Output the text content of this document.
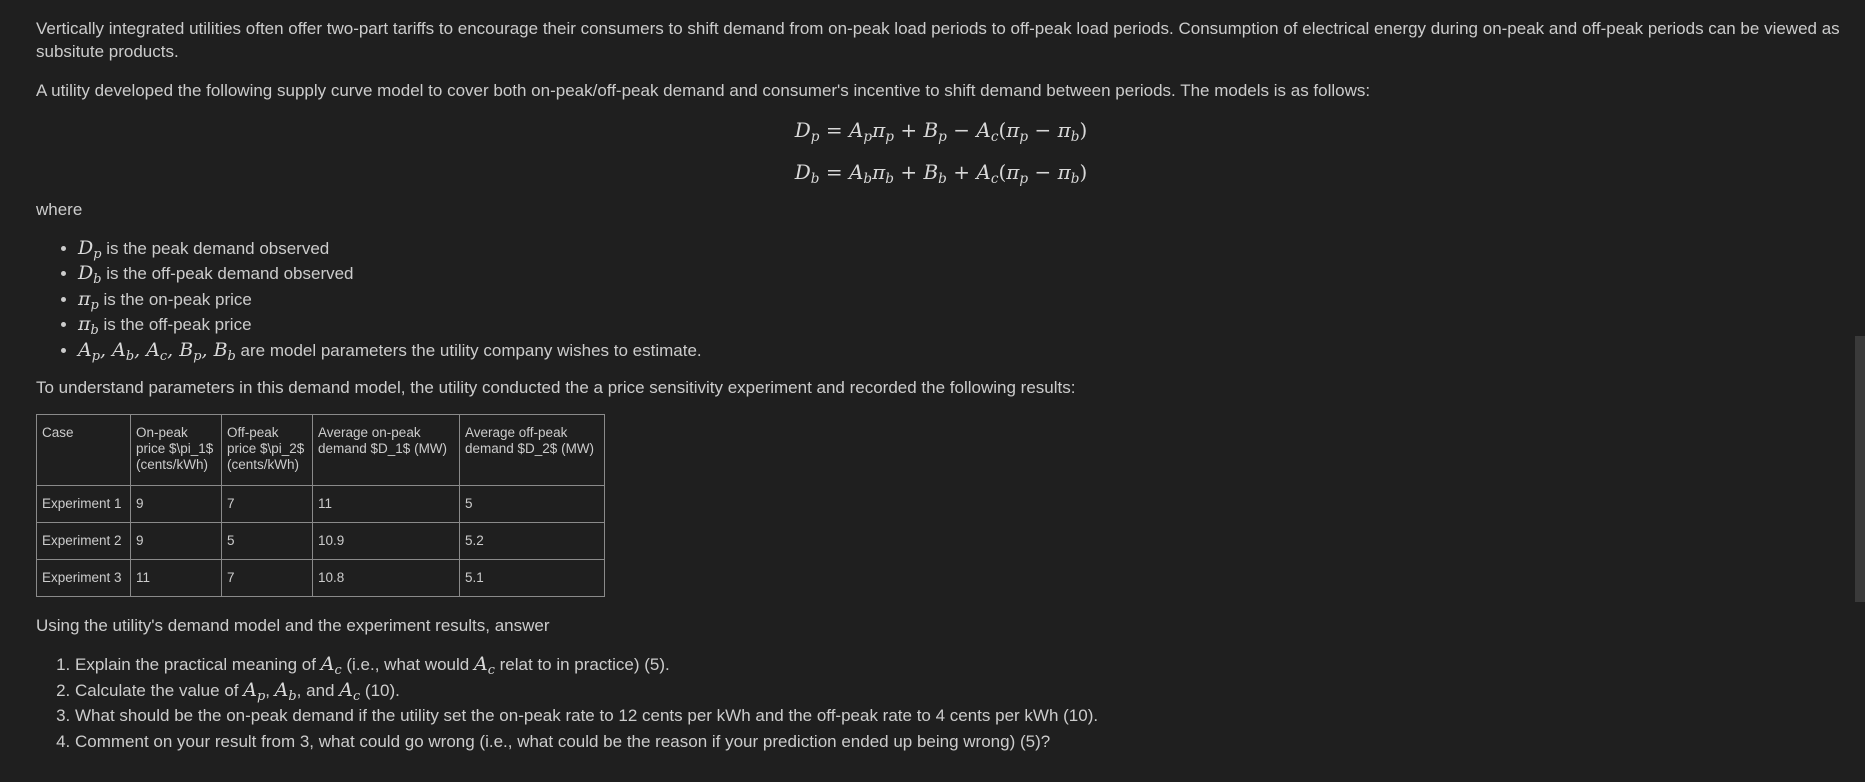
Vertically integrated utilities often offer two-part tariffs to encourage their consumers to shift demand from on-peak load periods to off-peak load periods. Consumption of electrical energy during on-peak and off-peak periods can be viewed as subsitute products.

A utility developed the following supply curve model to cover both on-peak/off-peak demand and consumer's incentive to shift demand between periods. The models is as follows:

$D_p = A_p\pi_p + B_p - A_c(\pi_p - \pi_b)$
$D_b = A_b\pi_b + B_b + A_c(\pi_p - \pi_b)$

where

• $D_p$ is the peak demand observed
• $D_b$ is the off-peak demand observed
• $\pi_p$ is the on-peak price
• $\pi_b$ is the off-peak price
• $A_p$, $A_b$, $A_c$, $B_p$, $B_b$ are model parameters the utility company wishes to estimate.

To understand parameters in this demand model, the utility conducted the a price sensitivity experiment and recorded the following results:

Case	On-peak price $\pi_1$ (cents/kWh)	Off-peak price $\pi_2$ (cents/kWh)	Average on-peak demand $D_1$ (MW)	Average off-peak demand $D_2$ (MW)
Experiment 1	9	7	11	5
Experiment 2	9	5	10.9	5.2
Experiment 3	11	7	10.8	5.1

Using the utility's demand model and the experiment results, answer

1. Explain the practical meaning of $A_c$ (i.e., what would $A_c$ relat to in practice) (5).
2. Calculate the value of $A_p$, $A_b$, and $A_c$ (10).
3. What should be the on-peak demand if the utility set the on-peak rate to 12 cents per kWh and the off-peak rate to 4 cents per kWh (10).
4. Comment on your result from 3, what could go wrong (i.e., what could be the reason if your prediction ended up being wrong) (5)?
